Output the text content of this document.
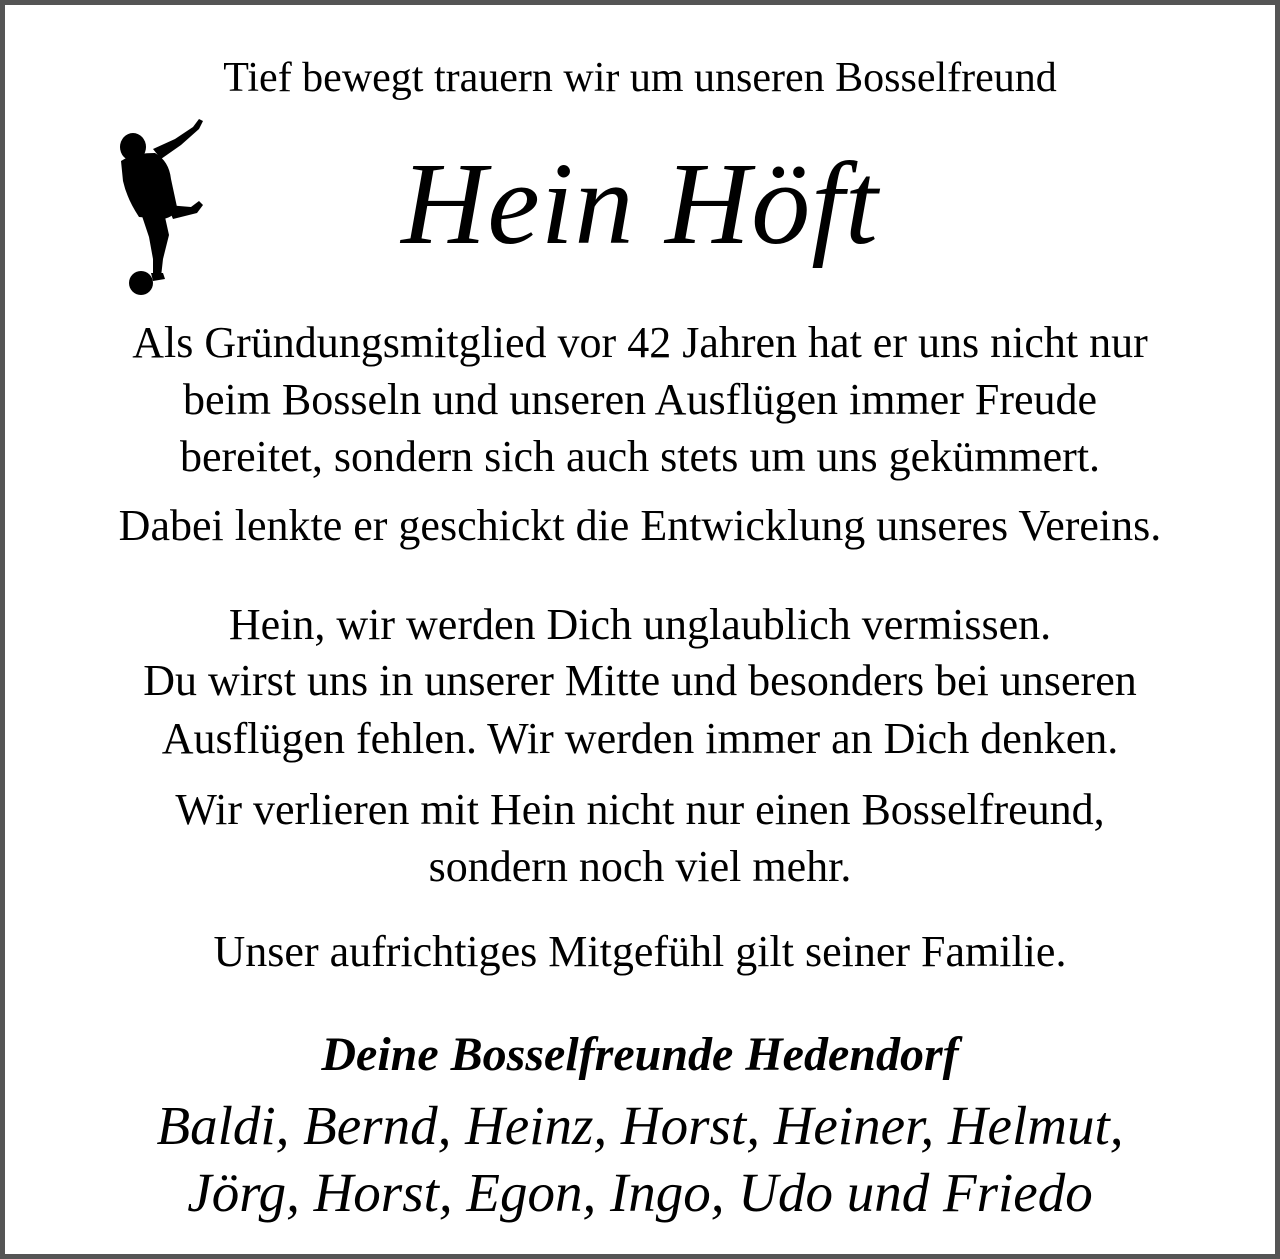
Tief bewegt trauern wir um unseren Bosselfreund
Hein Höft
Als Gründungsmitglied vor 42 Jahren hat er uns nicht nur
beim Bosseln und unseren Ausflügen immer Freude
bereitet, sondern sich auch stets um uns gekümmert.
Dabei lenkte er geschickt die Entwicklung unseres Vereins.
Hein, wir werden Dich unglaublich vermissen.
Du wirst uns in unserer Mitte und besonders bei unseren
Ausflügen fehlen. Wir werden immer an Dich denken.
Wir verlieren mit Hein nicht nur einen Bosselfreund,
sondern noch viel mehr.
Unser aufrichtiges Mitgefühl gilt seiner Familie.
Deine Bosselfreunde Hedendorf
Baldi, Bernd, Heinz, Horst, Heiner, Helmut,
Jörg, Horst, Egon, Ingo, Udo und Friedo
